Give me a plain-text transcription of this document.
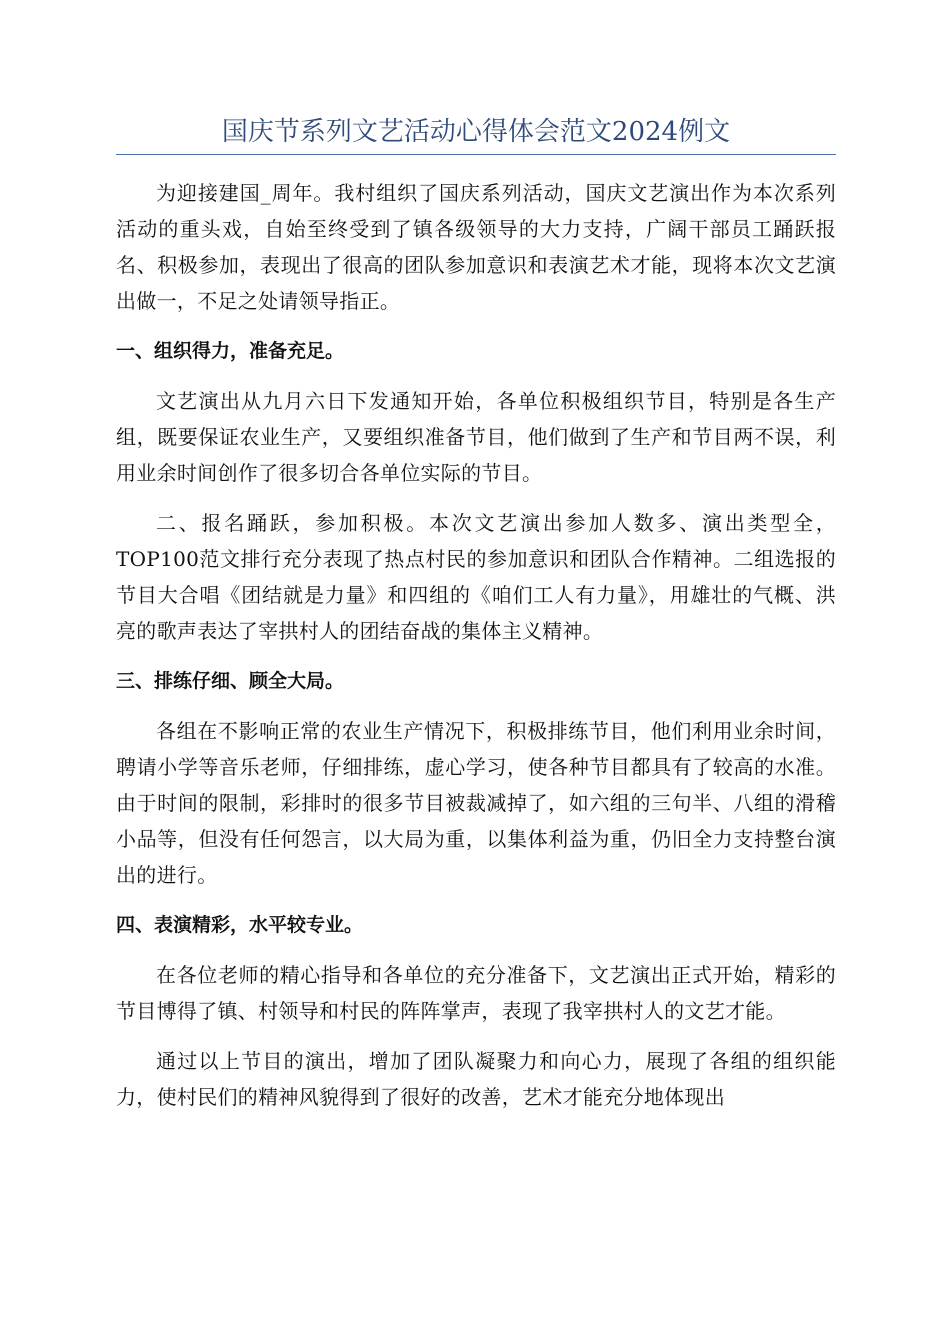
国庆节系列文艺活动心得体会范文2024例文

为迎接建国_周年。我村组织了国庆系列活动，国庆文艺演出作为本次系列活动的重头戏，自始至终受到了镇各级领导的大力支持，广阔干部员工踊跃报名、积极参加，表现出了很高的团队参加意识和表演艺术才能，现将本次文艺演出做一，不足之处请领导指正。

一、组织得力，准备充足。

文艺演出从九月六日下发通知开始，各单位积极组织节目，特别是各生产组，既要保证农业生产，又要组织准备节目，他们做到了生产和节目两不误，利用业余时间创作了很多切合各单位实际的节目。

二、报名踊跃，参加积极。本次文艺演出参加人数多、演出类型全，TOP100范文排行充分表现了热点村民的参加意识和团队合作精神。二组选报的节目大合唱《团结就是力量》和四组的《咱们工人有力量》，用雄壮的气概、洪亮的歌声表达了宰拱村人的团结奋战的集体主义精神。

三、排练仔细、顾全大局。

各组在不影响正常的农业生产情况下，积极排练节目，他们利用业余时间，聘请小学等音乐老师，仔细排练，虚心学习，使各种节目都具有了较高的水准。由于时间的限制，彩排时的很多节目被裁减掉了，如六组的三句半、八组的滑稽小品等，但没有任何怨言，以大局为重，以集体利益为重，仍旧全力支持整台演出的进行。

四、表演精彩，水平较专业。

在各位老师的精心指导和各单位的充分准备下，文艺演出正式开始，精彩的节目博得了镇、村领导和村民的阵阵掌声，表现了我宰拱村人的文艺才能。

通过以上节目的演出，增加了团队凝聚力和向心力，展现了各组的组织能力，使村民们的精神风貌得到了很好的改善，艺术才能充分地体现出
